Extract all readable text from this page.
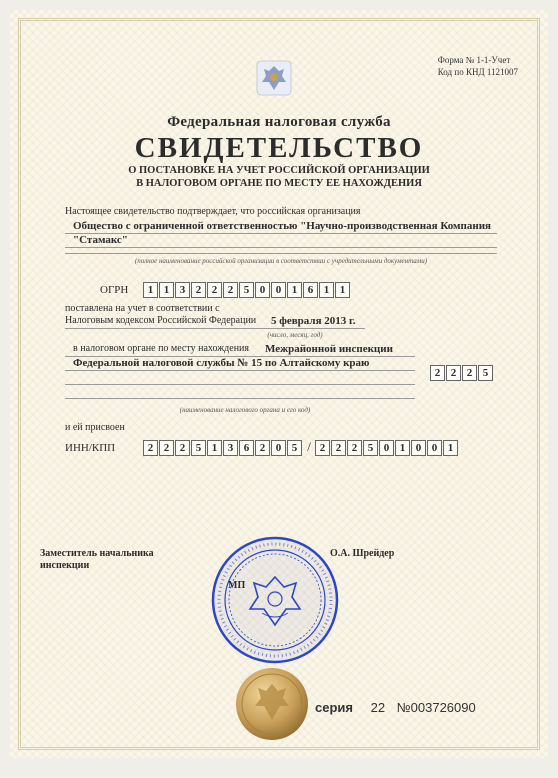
Форма № 1-1-Учет
Код по КНД 1121007
Федеральная налоговая служба
СВИДЕТЕЛЬСТВО
О ПОСТАНОВКЕ НА УЧЕТ РОССИЙСКОЙ ОРГАНИЗАЦИИ
В НАЛОГОВОМ ОРГАНЕ ПО МЕСТУ ЕЕ НАХОЖДЕНИЯ
Настоящее свидетельство подтверждает, что российская организация
Общество с ограниченной ответственностью "Научно-производственная Компания
"Стамакс"
(полное наименование российской организации в соответствии с учредительными документами)
ОГРН	1 1 3 2 2 2 5 0 0 1 6 1 1
поставлена на учет в соответствии с
Налоговым кодексом Российской Федерации 5 февраля 2013 г.
(число, месяц, год)
в налоговом органе по месту нахождения Межрайонной инспекции
Федеральной налоговой службы № 15 по Алтайскому краю
2 2 2 5
(наименование налогового органа и его код)
и ей присвоен
ИНН/КПП	2 2 2 5 1 3 6 2 0 5 / 2 2 2 5 0 1 0 0 1
Заместитель начальника
инспекции
О.А. Шрейдер
МП
серия 22 №003726090
